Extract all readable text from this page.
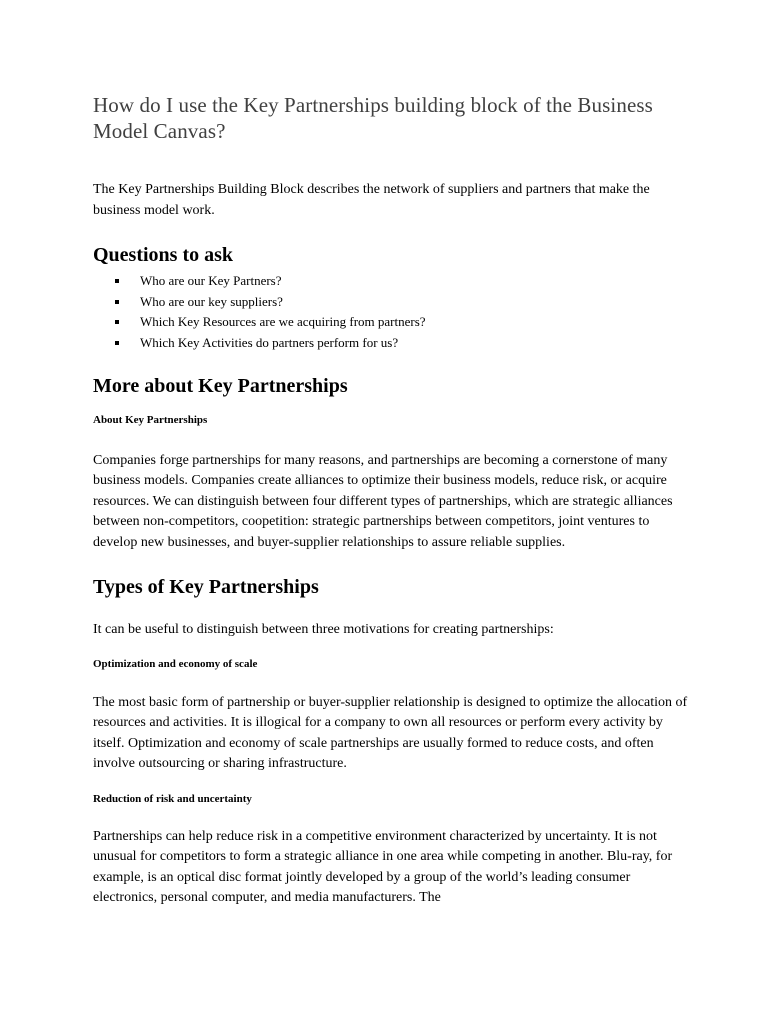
How do I use the Key Partnerships building block of the Business Model Canvas?

The Key Partnerships Building Block describes the network of suppliers and partners that make the business model work.

Questions to ask
Who are our Key Partners?
Who are our key suppliers?
Which Key Resources are we acquiring from partners?
Which Key Activities do partners perform for us?
More about Key Partnerships
About Key Partnerships

Companies forge partnerships for many reasons, and partnerships are becoming a cornerstone of many business models. Companies create alliances to optimize their business models, reduce risk, or acquire resources. We can distinguish between four different types of partnerships, which are strategic alliances between non-competitors, coopetition: strategic partnerships between competitors, joint ventures to develop new businesses, and buyer-supplier relationships to assure reliable supplies.

Types of Key Partnerships

It can be useful to distinguish between three motivations for creating partnerships:

Optimization and economy of scale

The most basic form of partnership or buyer-supplier relationship is designed to optimize the allocation of resources and activities. It is illogical for a company to own all resources or perform every activity by itself. Optimization and economy of scale partnerships are usually formed to reduce costs, and often involve outsourcing or sharing infrastructure.

Reduction of risk and uncertainty

Partnerships can help reduce risk in a competitive environment characterized by uncertainty. It is not unusual for competitors to form a strategic alliance in one area while competing in another. Blu-ray, for example, is an optical disc format jointly developed by a group of the world’s leading consumer electronics, personal computer, and media manufacturers. The
